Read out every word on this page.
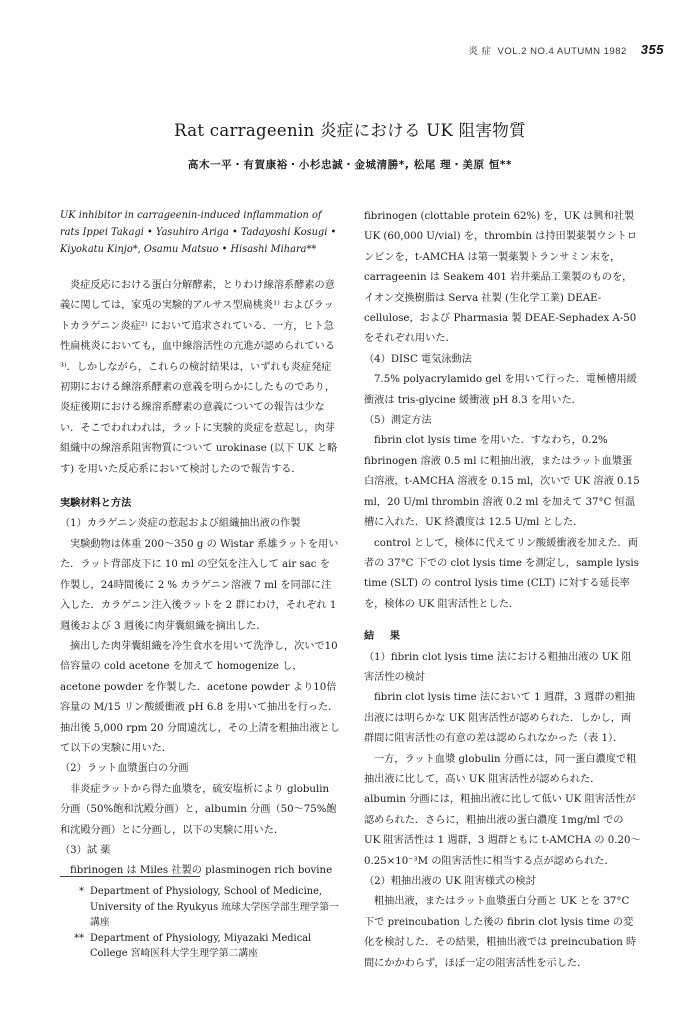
炎 症 VOL.2 NO.4 AUTUMN 1982 355
Rat carrageenin 炎症における UK 阻害物質
高木一平・有賀康裕・小杉忠誠・金城清勝*, 松尾 理・美原 恒**

UK inhibitor in carrageenin-induced inflammation of rats Ippei Takagi • Yasuhiro Ariga • Tadayoshi Kosugi • Kiyokatu Kinjo*, Osamu Matsuo • Hisashi Mihara**

炎症反応における蛋白分解酵素，とりわけ線溶系酵素の意義に関しては，家兎の実験的アルサス型扁桃炎¹⁾ およびラットカラゲニン炎症²⁾ において追求されている．一方，ヒト急性扁桃炎においても，血中線溶活性の亢進が認められている³⁾．しかしながら，これらの検討結果は，いずれも炎症発症初期における線溶系酵素の意義を明らかにしたものであり，炎症後期における線溶系酵素の意義についての報告は少ない．そこでわれわれは，ラットに実験的炎症を惹起し，肉芽組織中の線溶系阻害物質について urokinase (以下 UK と略す) を用いた反応系において検討したので報告する．

実験材料と方法

（1）カラゲニン炎症の惹起および組織抽出液の作製

実験動物は体重 200～350 g の Wistar 系雄ラットを用いた．ラット背部皮下に 10 ml の空気を注入して air sac を作製し，24時間後に 2 % カラゲニン溶液 7 ml を同部に注入した．カラゲニン注入後ラットを 2 群にわけ，それぞれ 1 週後および 3 週後に肉芽囊組織を摘出した．

摘出した肉芽囊組織を冷生食水を用いて洗浄し，次いで10倍容量の cold acetone を加えて homogenize し，acetone powder を作製した．acetone powder より10倍容量の M/15 リン酸緩衝液 pH 6.8 を用いて抽出を行った．抽出後 5,000 rpm 20 分間遠沈し，その上清を粗抽出液として以下の実験に用いた．

（2）ラット血漿蛋白の分画

非炎症ラットから得た血漿を，硫安塩析により globulin 分画（50%飽和沈殿分画）と，albumin 分画（50～75%飽和沈殿分画）とに分画し，以下の実験に用いた．

（3）試 薬

fibrinogen は Miles 社製の plasminogen rich bovine

fibrinogen (clottable protein 62%) を，UK は興和社製 UK (60,000 U/vial) を，thrombin は持田製薬製ウシトロンビンを，t-AMCHA は第一製薬製トランサミン末を，carrageenin は Seakem 401 岩井薬品工業製のものを，イオン交換樹脂は Serva 社製 (生化学工業) DEAE-cellulose，および Pharmasia 製 DEAE-Sephadex A-50 をそれぞれ用いた．

（4）DISC 電気泳動法

7.5% polyacrylamido gel を用いて行った．電極槽用緩衝液は tris-glycine 緩衝液 pH 8.3 を用いた．

（5）測定方法

fibrin clot lysis time を用いた．すなわち，0.2% fibrinogen 溶液 0.5 ml に粗抽出液，またはラット血漿蛋白溶液，t-AMCHA 溶液を 0.15 ml，次いで UK 溶液 0.15 ml，20 U/ml thrombin 溶液 0.2 ml を加えて 37°C 恒温槽に入れた．UK 終濃度は 12.5 U/ml とした．

control として，検体に代えてリン酸緩衝液を加えた．両者の 37°C 下での clot lysis time を測定し，sample lysis time (SLT) の control lysis time (CLT) に対する延長率を，検体の UK 阻害活性とした．

結 果

（1）fibrin clot lysis time 法における粗抽出液の UK 阻害活性の検討

fibrin clot lysis time 法において 1 週群，3 週群の粗抽出液には明らかな UK 阻害活性が認められた．しかし，両群間に阻害活性の有意の差は認められなかった（表 1）．

一方，ラット血漿 globulin 分画には，同一蛋白濃度で粗抽出液に比して，高い UK 阻害活性が認められた．albumin 分画には，粗抽出液に比して低い UK 阻害活性が認められた．さらに，粗抽出液の蛋白濃度 1mg/ml での UK 阻害活性は 1 週群，3 週群ともに t-AMCHA の 0.20～0.25×10⁻³M の阻害活性に相当する点が認められた．

（2）粗抽出液の UK 阻害様式の検討

粗抽出液，またはラット血漿蛋白分画と UK とを 37°C 下で preincubation した後の fibrin clot lysis time の変化を検討した．その結果，粗抽出液では preincubation 時間にかかわらず，ほぼ一定の阻害活性を示した．

* Department of Physiology, School of Medicine, University of the Ryukyus 琉球大学医学部生理学第一講座
** Department of Physiology, Miyazaki Medical College 宮崎医科大学生理学第二講座
